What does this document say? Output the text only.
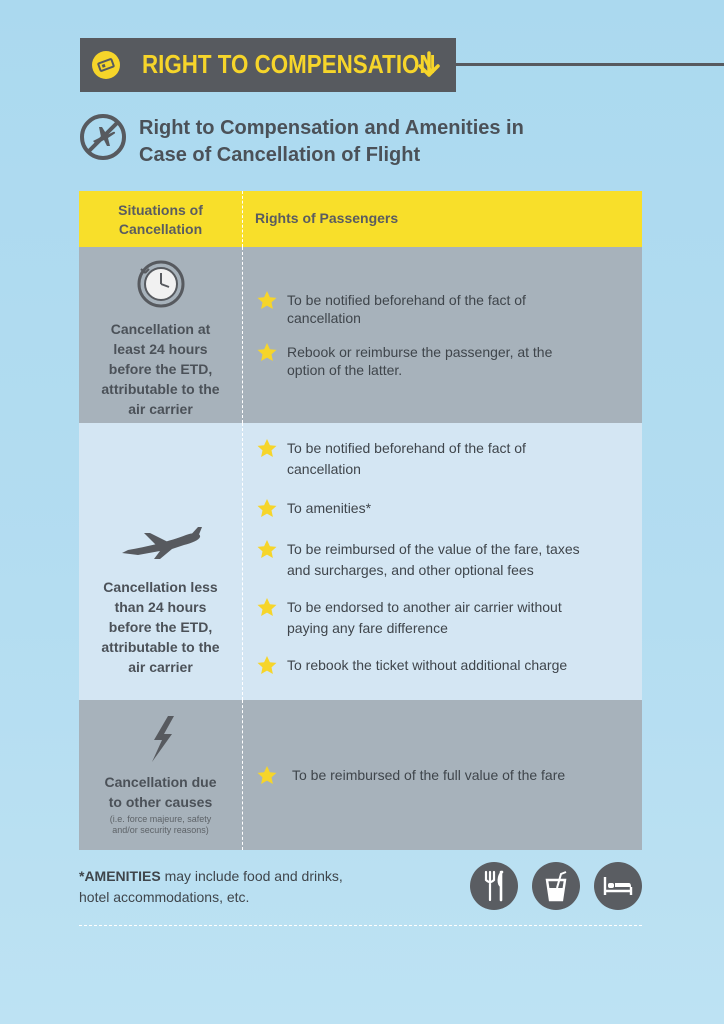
RIGHT TO COMPENSATION
Right to Compensation and Amenities in
Case of Cancellation of Flight
Situations of
Cancellation
Rights of Passengers
Cancellation at
least 24 hours
before the ETD,
attributable to the
air carrier
To be notified beforehand of the fact of
cancellation
Rebook or reimburse the passenger, at the
option of the latter.
Cancellation less
than 24 hours
before the ETD,
attributable to the
air carrier
To be notified beforehand of the fact of
cancellation
To amenities*
To be reimbursed of the value of the fare, taxes
and surcharges, and other optional fees
To be endorsed to another air carrier without
paying any fare difference
To rebook the ticket without additional charge
Cancellation due
to other causes
(i.e. force majeure, safety
and/or security reasons)
To be reimbursed of the full value of the fare
*AMENITIES may include food and drinks,
hotel accommodations, etc.
